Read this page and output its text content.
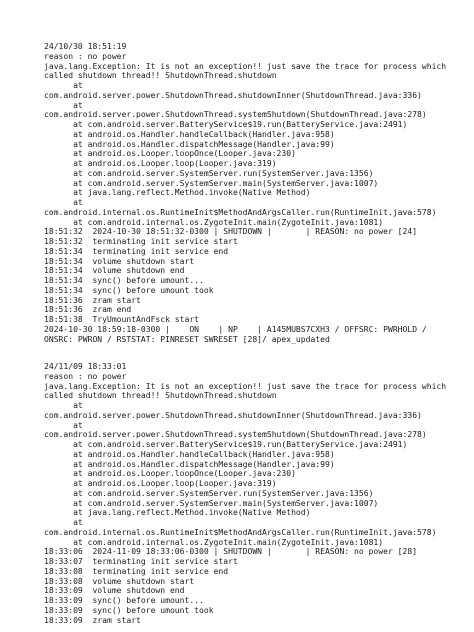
24/10/30 18:51:19
reason : no power
java.lang.Exception: It is not an exception!! just save the trace for process which
called shutdown thread!! ShutdownThread.shutdown
at
com.android.server.power.ShutdownThread.shutdownInner(ShutdownThread.java:336)
at
com.android.server.power.ShutdownThread.systemShutdown(ShutdownThread.java:278)
at com.android.server.BatteryService$19.run(BatteryService.java:2491)
at android.os.Handler.handleCallback(Handler.java:958)
at android.os.Handler.dispatchMessage(Handler.java:99)
at android.os.Looper.loopOnce(Looper.java:230)
at android.os.Looper.loop(Looper.java:319)
at com.android.server.SystemServer.run(SystemServer.java:1356)
at com.android.server.SystemServer.main(SystemServer.java:1007)
at java.lang.reflect.Method.invoke(Native Method)
at
com.android.internal.os.RuntimeInit$MethodAndArgsCaller.run(RuntimeInit.java:578)
at com.android.internal.os.ZygoteInit.main(ZygoteInit.java:1081)
18:51:32  2024-10-30 18:51:32-0300 | SHUTDOWN |       | REASON: no power [24]
18:51:32  terminating init service start
18:51:34  terminating init service end
18:51:34  volume shutdown start
18:51:34  volume shutdown end
18:51:34  sync() before umount...
18:51:34  sync() before umount took
18:51:36  zram start
18:51:36  zram end
18:51:38  TryUmountAndFsck start
2024-10-30 18:59:18-0300 |    ON    | NP    | A145MUBS7CXH3 / OFFSRC: PWRHOLD /
ONSRC: PWRON / RSTSTAT: PINRESET SWRESET [28]/ apex_updated
24/11/09 18:33:01
reason : no power
java.lang.Exception: It is not an exception!! just save the trace for process which
called shutdown thread!! ShutdownThread.shutdown
at
com.android.server.power.ShutdownThread.shutdownInner(ShutdownThread.java:336)
at
com.android.server.power.ShutdownThread.systemShutdown(ShutdownThread.java:278)
at com.android.server.BatteryService$19.run(BatteryService.java:2491)
at android.os.Handler.handleCallback(Handler.java:958)
at android.os.Handler.dispatchMessage(Handler.java:99)
at android.os.Looper.loopOnce(Looper.java:230)
at android.os.Looper.loop(Looper.java:319)
at com.android.server.SystemServer.run(SystemServer.java:1356)
at com.android.server.SystemServer.main(SystemServer.java:1007)
at java.lang.reflect.Method.invoke(Native Method)
at
com.android.internal.os.RuntimeInit$MethodAndArgsCaller.run(RuntimeInit.java:578)
at com.android.internal.os.ZygoteInit.main(ZygoteInit.java:1081)
18:33:06  2024-11-09 18:33:06-0300 | SHUTDOWN |       | REASON: no power [28]
18:33:07  terminating init service start
18:33:08  terminating init service end
18:33:08  volume shutdown start
18:33:09  volume shutdown end
18:33:09  sync() before umount...
18:33:09  sync() before umount took
18:33:09  zram start
